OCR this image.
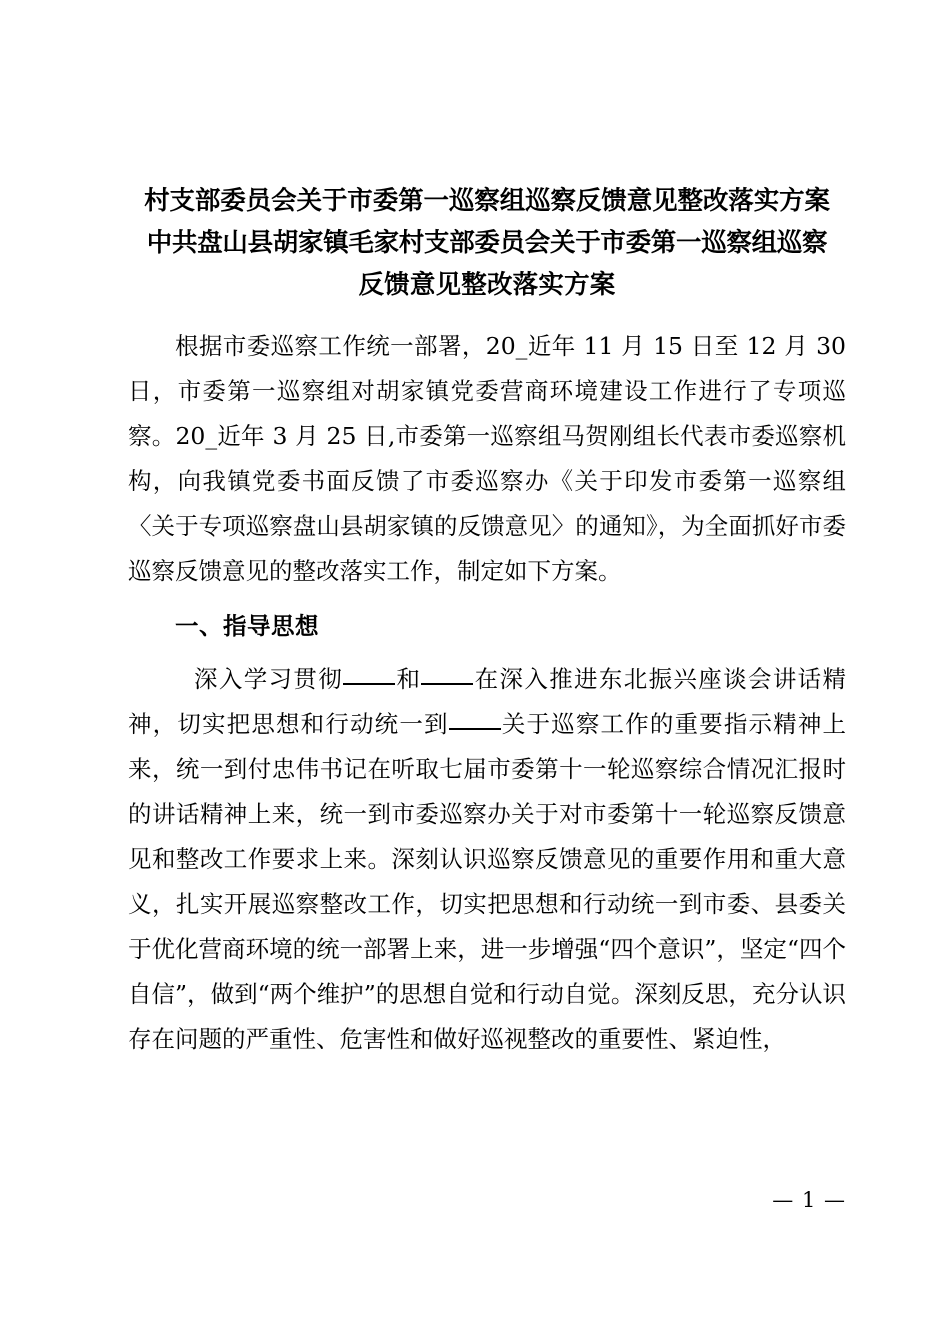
村支部委员会关于市委第一巡察组巡察反馈意见整改落实方案
中共盘山县胡家镇毛家村支部委员会关于市委第一巡察组巡察
反馈意见整改落实方案

根据市委巡察工作统一部署，20_近年 11 月 15 日至 12 月 30 日，市委第一巡察组对胡家镇党委营商环境建设工作进行了专项巡察。20_近年 3 月 25 日,市委第一巡察组马贺刚组长代表市委巡察机构，向我镇党委书面反馈了市委巡察办《关于印发市委第一巡察组〈关于专项巡察盘山县胡家镇的反馈意见〉的通知》，为全面抓好市委巡察反馈意见的整改落实工作，制定如下方案。

一、指导思想

深入学习贯彻 和 在深入推进东北振兴座谈会讲话精神，切实把思想和行动统一到 关于巡察工作的重要指示精神上来，统一到付忠伟书记在听取七届市委第十一轮巡察综合情况汇报时的讲话精神上来，统一到市委巡察办关于对市委第十一轮巡察反馈意见和整改工作要求上来。深刻认识巡察反馈意见的重要作用和重大意义，扎实开展巡察整改工作，切实把思想和行动统一到市委、县委关于优化营商环境的统一部署上来，进一步增强“四个意识”，坚定“四个自信”，做到“两个维护”的思想自觉和行动自觉。深刻反思，充分认识存在问题的严重性、危害性和做好巡视整改的重要性、紧迫性，

— 1 —
